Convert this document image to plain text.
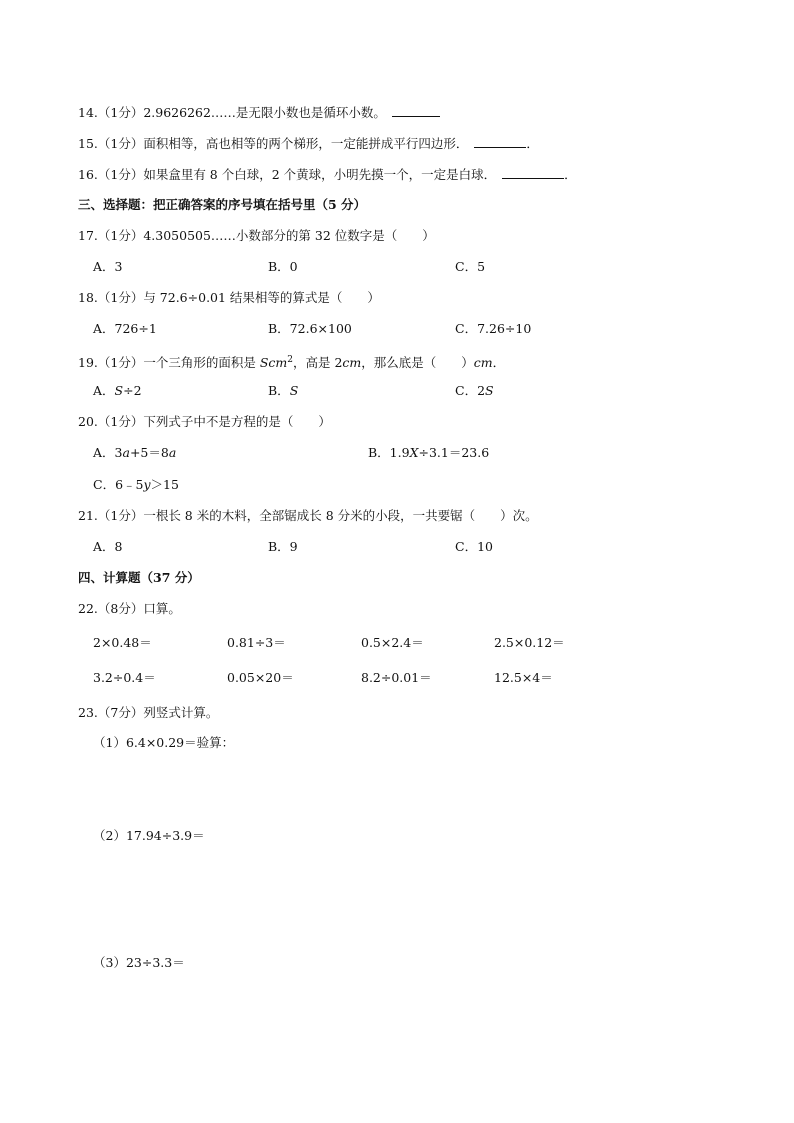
14.（1分）2.9626262……是无限小数也是循环小数。
15.（1分）面积相等，高也相等的两个梯形，一定能拼成平行四边形．	．
16.（1分）如果盒里有 8 个白球，2 个黄球，小明先摸一个，一定是白球．	．
三、选择题：把正确答案的序号填在括号里（5 分）
17.（1分）4.3050505……小数部分的第 32 位数字是（　　）
A．3	B．0	C．5
18.（1分）与 72.6÷0.01 结果相等的算式是（　　）
A．726÷1	B．72.6×100	C．7.26÷10
19.（1分）一个三角形的面积是 Scm$^2$，高是 2cm，那么底是（　　）cm．
A．S÷2	B．S	C．2S
20.（1分）下列式子中不是方程的是（　　）
A．3a+5＝8a	B．1.9X÷3.1＝23.6
C．6﹣5y＞15
21.（1分）一根长 8 米的木料，全部锯成长 8 分米的小段，一共要锯（　　）次。
A．8	B．9	C．10
四、计算题（37 分）
22.（8分）口算。
2×0.48＝	0.81÷3＝	0.5×2.4＝	2.5×0.12＝
3.2÷0.4＝	0.05×20＝	8.2÷0.01＝	12.5×4＝
23.（7分）列竖式计算。
（1）6.4×0.29＝验算：
（2）17.94÷3.9＝
（3）23÷3.3＝
